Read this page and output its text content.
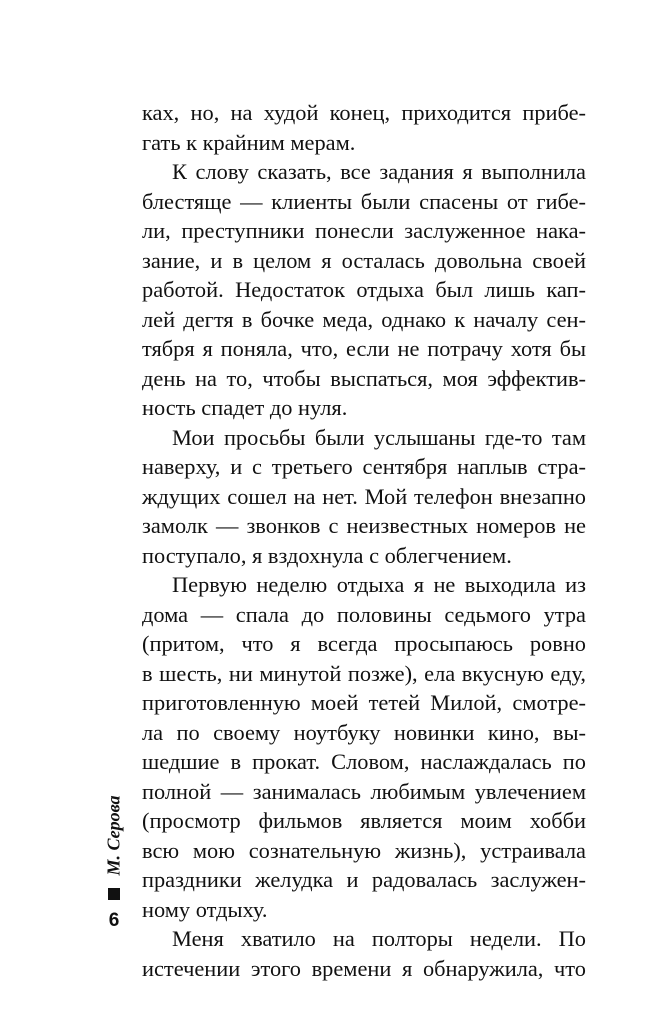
ках, но, на худой конец, приходится прибе-
гать к крайним мерам.
К слову сказать, все задания я выполнила
блестяще — клиенты были спасены от гибе-
ли, преступники понесли заслуженное нака-
зание, и в целом я осталась довольна своей
работой. Недостаток отдыха был лишь кап-
лей дегтя в бочке меда, однако к началу сен-
тября я поняла, что, если не потрачу хотя бы
день на то, чтобы выспаться, моя эффектив-
ность спадет до нуля.
Мои просьбы были услышаны где-то там
наверху, и с третьего сентября наплыв стра-
ждущих сошел на нет. Мой телефон внезапно
замолк — звонков с неизвестных номеров не
поступало, я вздохнула с облегчением.
Первую неделю отдыха я не выходила из
дома — спала до половины седьмого утра
(притом, что я всегда просыпаюсь ровно
в шесть, ни минутой позже), ела вкусную еду,
приготовленную моей тетей Милой, смотре-
ла по своему ноутбуку новинки кино, вы-
шедшие в прокат. Словом, наслаждалась по
полной — занималась любимым увлечением
(просмотр фильмов является моим хобби
всю мою сознательную жизнь), устраивала
праздники желудка и радовалась заслужен-
ному отдыху.
Меня хватило на полторы недели. По
истечении этого времени я обнаружила, что
М. Серова
6
